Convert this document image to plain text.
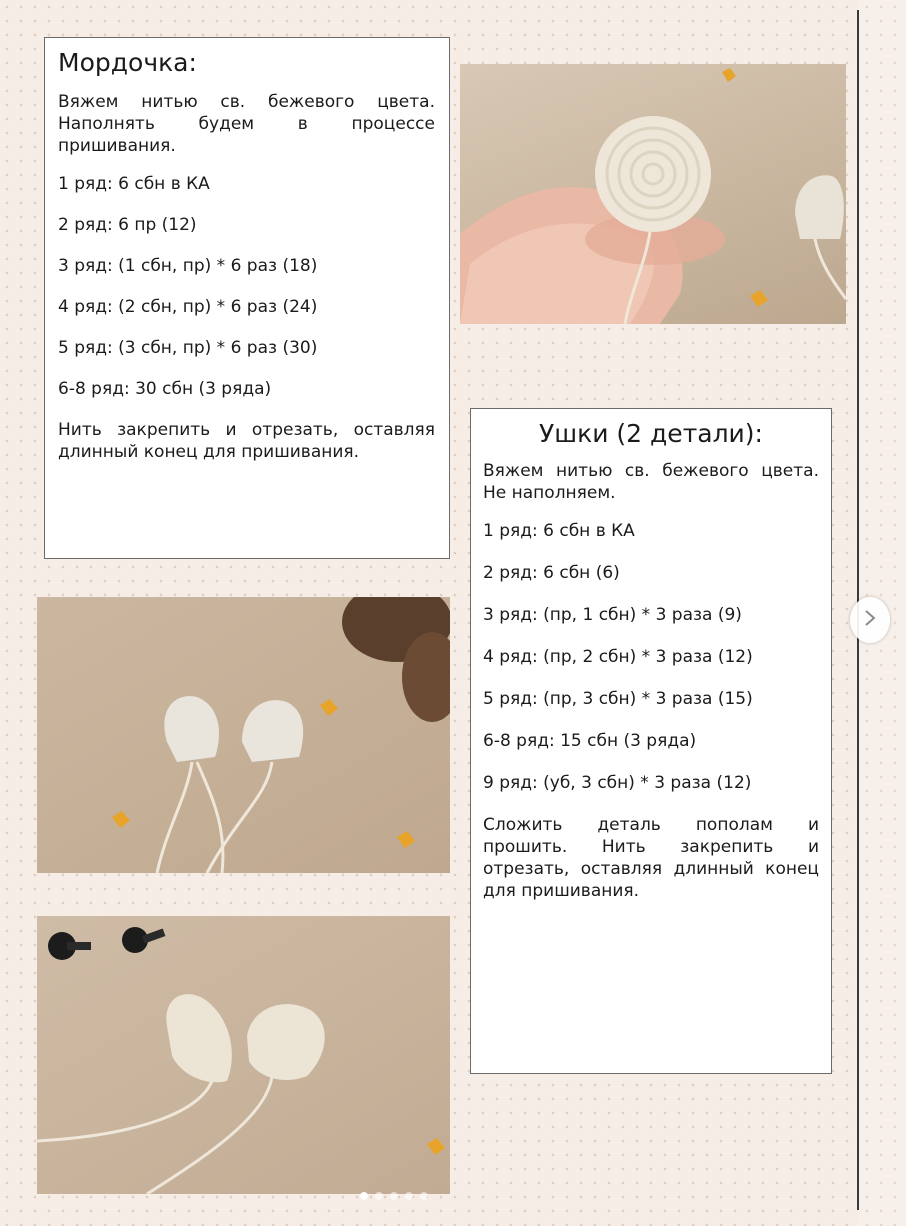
Мордочка:

Вяжем нитью св. бежевого цвета. Наполнять будем в процессе пришивания.

1 ряд: 6 сбн в КА

2 ряд: 6 пр (12)

3 ряд: (1 сбн, пр) * 6 раз (18)

4 ряд: (2 сбн, пр) * 6 раз (24)

5 ряд: (3 сбн, пр) * 6 раз (30)

6-8 ряд: 30 сбн (3 ряда)

Нить закрепить и отрезать, оставляя длинный конец для пришивания.

Ушки (2 детали):

Вяжем нитью св. бежевого цвета. Не наполняем.

1 ряд: 6 сбн в КА

2 ряд: 6 сбн (6)

3 ряд: (пр, 1 сбн) * 3 раза (9)

4 ряд: (пр, 2 сбн) * 3 раза (12)

5 ряд: (пр, 3 сбн) * 3 раза (15)

6-8 ряд: 15 сбн (3 ряда)

9 ряд: (уб, 3 сбн) * 3 раза (12)

Сложить деталь пополам и прошить. Нить закрепить и отрезать, оставляя длинный конец для пришивания.
